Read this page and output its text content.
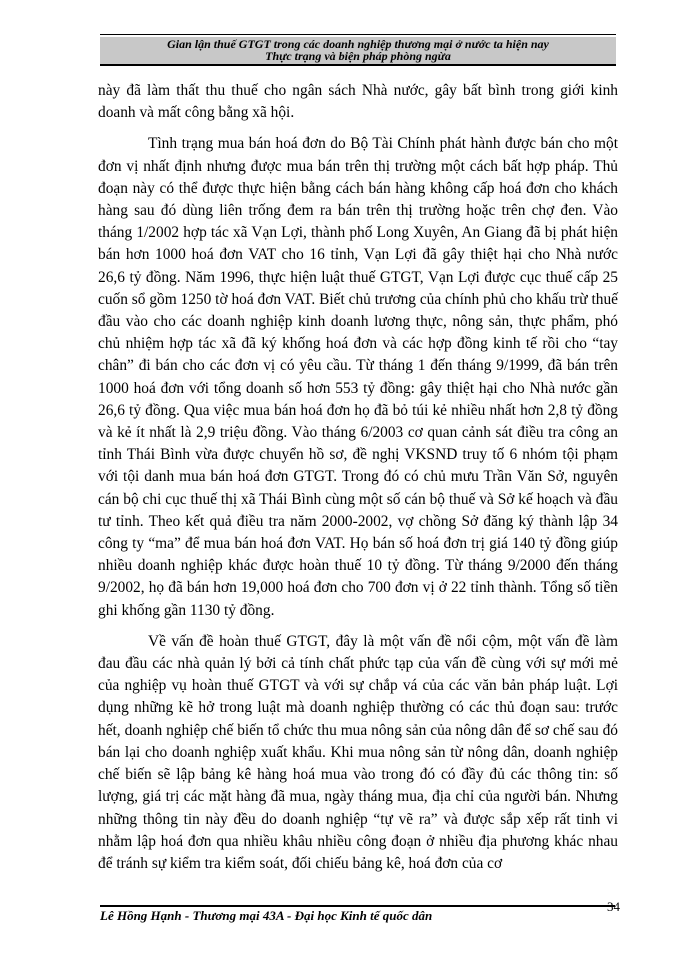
Gian lận thuế GTGT trong các doanh nghiệp thương mại ở nước ta hiện nay
Thực trạng và biện pháp phòng ngừa

này đã làm thất thu thuế cho ngân sách Nhà nước, gây bất bình trong giới kinh doanh và mất công bằng xã hội.

Tình trạng mua bán hoá đơn do Bộ Tài Chính phát hành được bán cho một đơn vị nhất định nhưng được mua bán trên thị trường một cách bất hợp pháp. Thủ đoạn này có thể được thực hiện bằng cách bán hàng không cấp hoá đơn cho khách hàng sau đó dùng liên trống đem ra bán trên thị trường hoặc trên chợ đen. Vào tháng 1/2002 hợp tác xã Vạn Lợi, thành phố Long Xuyên, An Giang đã bị phát hiện bán hơn 1000 hoá đơn VAT cho 16 tỉnh, Vạn Lợi đã gây thiệt hại cho Nhà nước 26,6 tỷ đồng. Năm 1996, thực hiện luật thuế GTGT, Vạn Lợi được cục thuế cấp 25 cuốn sổ gồm 1250 tờ hoá đơn VAT. Biết chủ trương của chính phủ cho khấu trừ thuế đầu vào cho các doanh nghiệp kinh doanh lương thực, nông sản, thực phẩm, phó chủ nhiệm hợp tác xã đã ký khống hoá đơn và các hợp đồng kinh tế rồi cho “tay chân” đi bán cho các đơn vị có yêu cầu. Từ tháng 1 đến tháng 9/1999, đã bán trên 1000 hoá đơn với tổng doanh số hơn 553 tỷ đồng: gây thiệt hại cho Nhà nước gần 26,6 tỷ đồng. Qua việc mua bán hoá đơn họ đã bỏ túi kẻ nhiều nhất hơn 2,8 tỷ đồng và kẻ ít nhất là 2,9 triệu đồng. Vào tháng 6/2003 cơ quan cảnh sát điều tra công an tỉnh Thái Bình vừa được chuyển hồ sơ, đề nghị VKSND truy tố 6 nhóm tội phạm với tội danh mua bán hoá đơn GTGT. Trong đó có chủ mưu Trần Văn Sở, nguyên cán bộ chi cục thuế thị xã Thái Bình cùng một số cán bộ thuế và Sở kế hoạch và đầu tư tỉnh. Theo kết quả điều tra năm 2000-2002, vợ chồng Sở đăng ký thành lập 34 công ty “ma” để mua bán hoá đơn VAT. Họ bán số hoá đơn trị giá 140 tỷ đồng giúp nhiều doanh nghiệp khác được hoàn thuế 10 tỷ đồng. Từ tháng 9/2000 đến tháng 9/2002, họ đã bán hơn 19,000 hoá đơn cho 700 đơn vị ở 22 tỉnh thành. Tổng số tiền ghi khống gần 1130 tỷ đồng.

Về vấn đề hoàn thuế GTGT, đây là một vấn đề nổi cộm, một vấn đề làm đau đầu các nhà quản lý bởi cả tính chất phức tạp của vấn đề cùng với sự mới mẻ của nghiệp vụ hoàn thuế GTGT và với sự chắp vá của các văn bản pháp luật. Lợi dụng những kẽ hở trong luật mà doanh nghiệp thường có các thủ đoạn sau: trước hết, doanh nghiệp chế biến tổ chức thu mua nông sản của nông dân để sơ chế sau đó bán lại cho doanh nghiệp xuất khẩu. Khi mua nông sản từ nông dân, doanh nghiệp chế biến sẽ lập bảng kê hàng hoá mua vào trong đó có đầy đủ các thông tin: số lượng, giá trị các mặt hàng đã mua, ngày tháng mua, địa chỉ của người bán. Nhưng những thông tin này đều do doanh nghiệp “tự vẽ ra” và được sắp xếp rất tinh vi nhằm lập hoá đơn qua nhiều khâu nhiều công đoạn ở nhiều địa phương khác nhau để tránh sự kiểm tra kiểm soát, đối chiếu bảng kê, hoá đơn của cơ

Lê Hồng Hạnh - Thương mại 43A - Đại học Kinh tế quốc dân
34
